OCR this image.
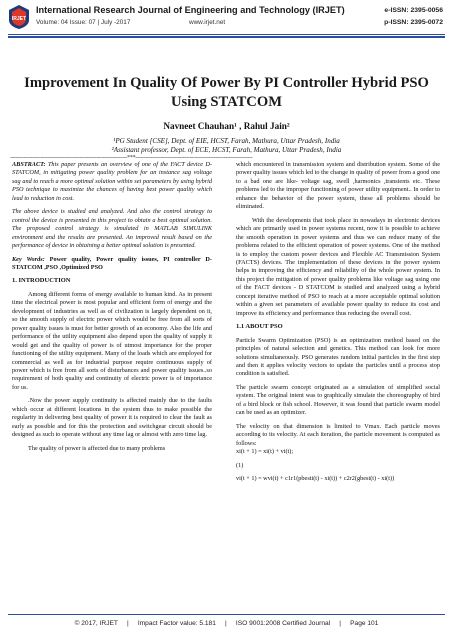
IRJET
International Research Journal of Engineering and Technology (IRJET)
Volume: 04 Issue: 07 | July -2017	www.irjet.net
e-ISSN: 2395-0056
p-ISSN: 2395-0072
Improvement In Quality Of Power By PI Controller Hybrid PSO Using STATCOM
Navneet Chauhan¹ , Rahul Jain²
¹PG Student [CSE], Dept. of EIE, HCST, Farah, Mathura, Uttar Pradesh, India
²Assistant professor, Dept. of ECE, HCST, Farah, Mathura, Uttar Pradesh, India
---------------------------------------------------------------------***---------------------------------------------------------------------

ABSTRACT: This paper presents an overview of one of the FACT device D-STATCOM, in mitigating power quality problem for an instance sag voltage sag and to reach a more optimal solution within set parameters by using hybrid PSO technique to maximize the chances of having best power quality which lead to reduction in cost.

The above device is studied and analyzed. And also the control strategy to control the device is presented in this project to obtain a best optimal solution. The proposed control strategy is simulated in MATLAB SIMULINK environment and the results are presented. An improved result based on the performance of device in obtaining a better optimal solution is presented.

Key Words: Power quality, Power quality issues, PI controller D-STATCOM ,PSO ,Optimized PSO

1. INTRODUCTION

Among different forms of energy available to human kind. As in present time the electrical power is most popular and efficient form of energy and the development of industries as well as of civilization is largely dependent on it, so the smooth supply of electric power which would be free from all sorts of power quality issues is must for better growth of an economy. Also the life and performance of the utility equipment also depend upon the quality of supply it would get and the quality of power is of utmost importance for the proper functioning of the utility equipment. Many of the loads which are employed for commercial as well as for industrial purpose require continuous supply of power which is free from all sorts of disturbances and power quality issues..so requirement of both quality and continuity of electric power is of importance for us.

.Now the power supply continuity is affected mainly due to the faults which occur at different locations in the system thus to make possible the regularity in delivering best quality of power it is required to clear the fault as early as possible and for this the protection and switchgear circuit should be designed as such to operate without any time lag or almost with zero time lag.

The quality of power is affected due to many problems

which encountered in transmission system and distribution system. Some of the power quality issues which led to the change in quality of power from a good one to a bad one are like- voltage sag, swell ,harmonics ,transients etc. These problems led to the improper functioning of power utility equipment.. In order to enhance the behavior of the power system, these all problems should be eliminated.

With the developments that took place in nowadays in electronic devices which are primarily used in power systems recent, now it is possible to achieve the smooth operation in power systems and thus we can reduce many of the problems related to the efficient operation of power systems. One of the method is to employ the custom power devices and Flexible AC Transmission System (FACTS) devices. The implementation of these devices in the power system helps in improving the efficiency and reliability of the whole power system. In this project the mitigation of power quality problems like voltage sag using one of the FACT devices - D STATCOM is studied and analyzed using a hybrid concept iterative method of PSO to reach at a more acceptable optimal solution within a given set parameters of available power quality to reduce its cost and improve its efficiency and performance thus reducing the overall cost.

1.1 ABOUT PSO

Particle Swarm Optimization (PSO) is an optimization method based on the principles of natural selection and genetics. This method can look for more solutions simultaneously. PSO generates random initial particles in the first step and then it applies velocity vectors to update the particles until a process stop condition is satisfied.

The particle swarm concept originated as a simulation of simplified social system. The original intent was to graphically simulate the choreography of bird of a bird block or fish school. However, it was found that particle swarm model can be used as an optimizer.

The velocity on that dimension is limited to Vmax. Each particle moves according to its velocity. At each iteration, the particle movement is computed as follows:

xi(t + 1) = xi(t) + vi(t);

(1)

vi(t + 1) = wvi(t) + c1r1(pbesti(t) - xi(t)) + c2r2(gbest(t) - xi(t))

© 2017, IRJET     |     Impact Factor value: 5.181     |     ISO 9001:2008 Certified Journal     |     Page 101
